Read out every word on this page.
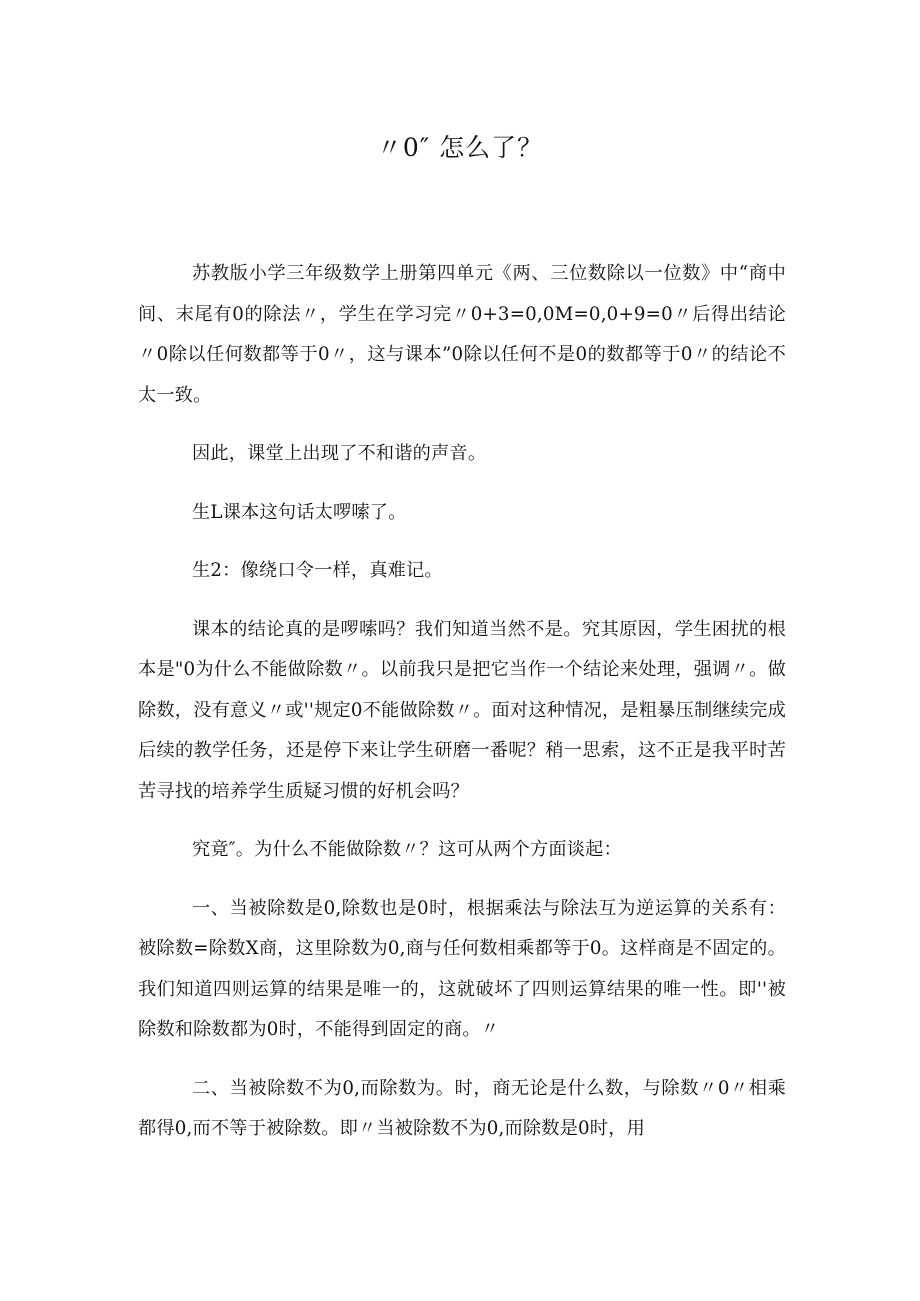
〃0″ 怎么了？

苏教版小学三年级数学上册第四单元《两、三位数除以一位数》中“商中间、末尾有0的除法〃，学生在学习完〃0+3=0,0M=0,0+9=0〃后得出结论〃0除以任何数都等于0〃，这与课本”0除以任何不是0的数都等于0〃的结论不太一致。

因此，课堂上出现了不和谐的声音。

生L课本这句话太啰嗦了。

生2：像绕口令一样，真难记。

课本的结论真的是啰嗦吗？我们知道当然不是。究其原因，学生困扰的根本是"0为什么不能做除数〃。以前我只是把它当作一个结论来处理，强调〃。做除数，没有意义〃或''规定0不能做除数〃。面对这种情况，是粗暴压制继续完成后续的教学任务，还是停下来让学生研磨一番呢？稍一思索，这不正是我平时苦苦寻找的培养学生质疑习惯的好机会吗？

究竟″。为什么不能做除数〃？这可从两个方面谈起：

一、当被除数是0,除数也是0时，根据乘法与除法互为逆运算的关系有：被除数=除数X商，这里除数为0,商与任何数相乘都等于0。这样商是不固定的。我们知道四则运算的结果是唯一的，这就破坏了四则运算结果的唯一性。即''被除数和除数都为0时，不能得到固定的商。〃

二、当被除数不为0,而除数为。时，商无论是什么数，与除数〃0〃相乘都得0,而不等于被除数。即〃当被除数不为0,而除数是0时，用
